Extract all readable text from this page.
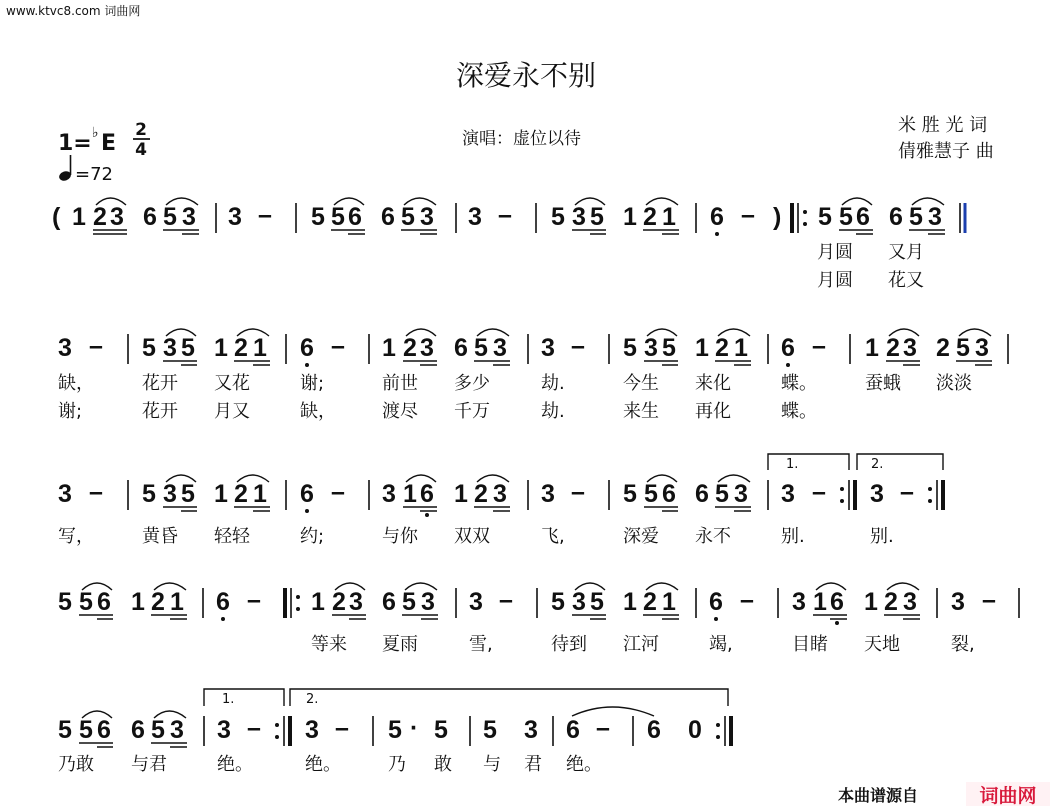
www.ktvc8.com 词曲网
深爱永不别
1= ♭ E
2
4
=72
演唱：虚位以待
米 胜 光 词
倩雅慧子 曲
( 1 2 3 6 5 3 3 – 5 5 6 6 5 3 3 – 5 3 5 1 2 1 6 – ) 5 5 6 6 5 3
月圆 又月
月圆 花又
3 – 5 3 5 1 2 1 6 – 1 2 3 6 5 3 3 – 5 3 5 1 2 1 6 – 1 2 3 2 5 3
缺，	花开 又花	谢;	前世 多少	劫.	今生 来化	蝶。	蚕蛾 淡淡
谢;	花开 月又	缺，	渡尽 千万	劫.	来生 再化	蝶。
3 – 5 3 5 1 2 1 6 – 3 1 6 1 2 3 3 – 5 5 6 6 5 3 3 – 3 –
1.	2.
写，	黄昏 轻轻	约;	与你 双双	飞,	深爱 永不	别.	别.
5 5 6 1 2 1 6 – 1 2 3 6 5 3 3 – 5 3 5 1 2 1 6 – 3 1 6 1 2 3 3 –
等来 夏雨	雪,	待到 江河	竭,	目睹 天地	裂,
5 5 6 6 5 3 3 – 3 – 5 · 5 5 3 6 – 6 0
1.	2.
乃敢 与君	绝。	绝。	乃 敢 与 君 绝。
本曲谱源自	词曲网
